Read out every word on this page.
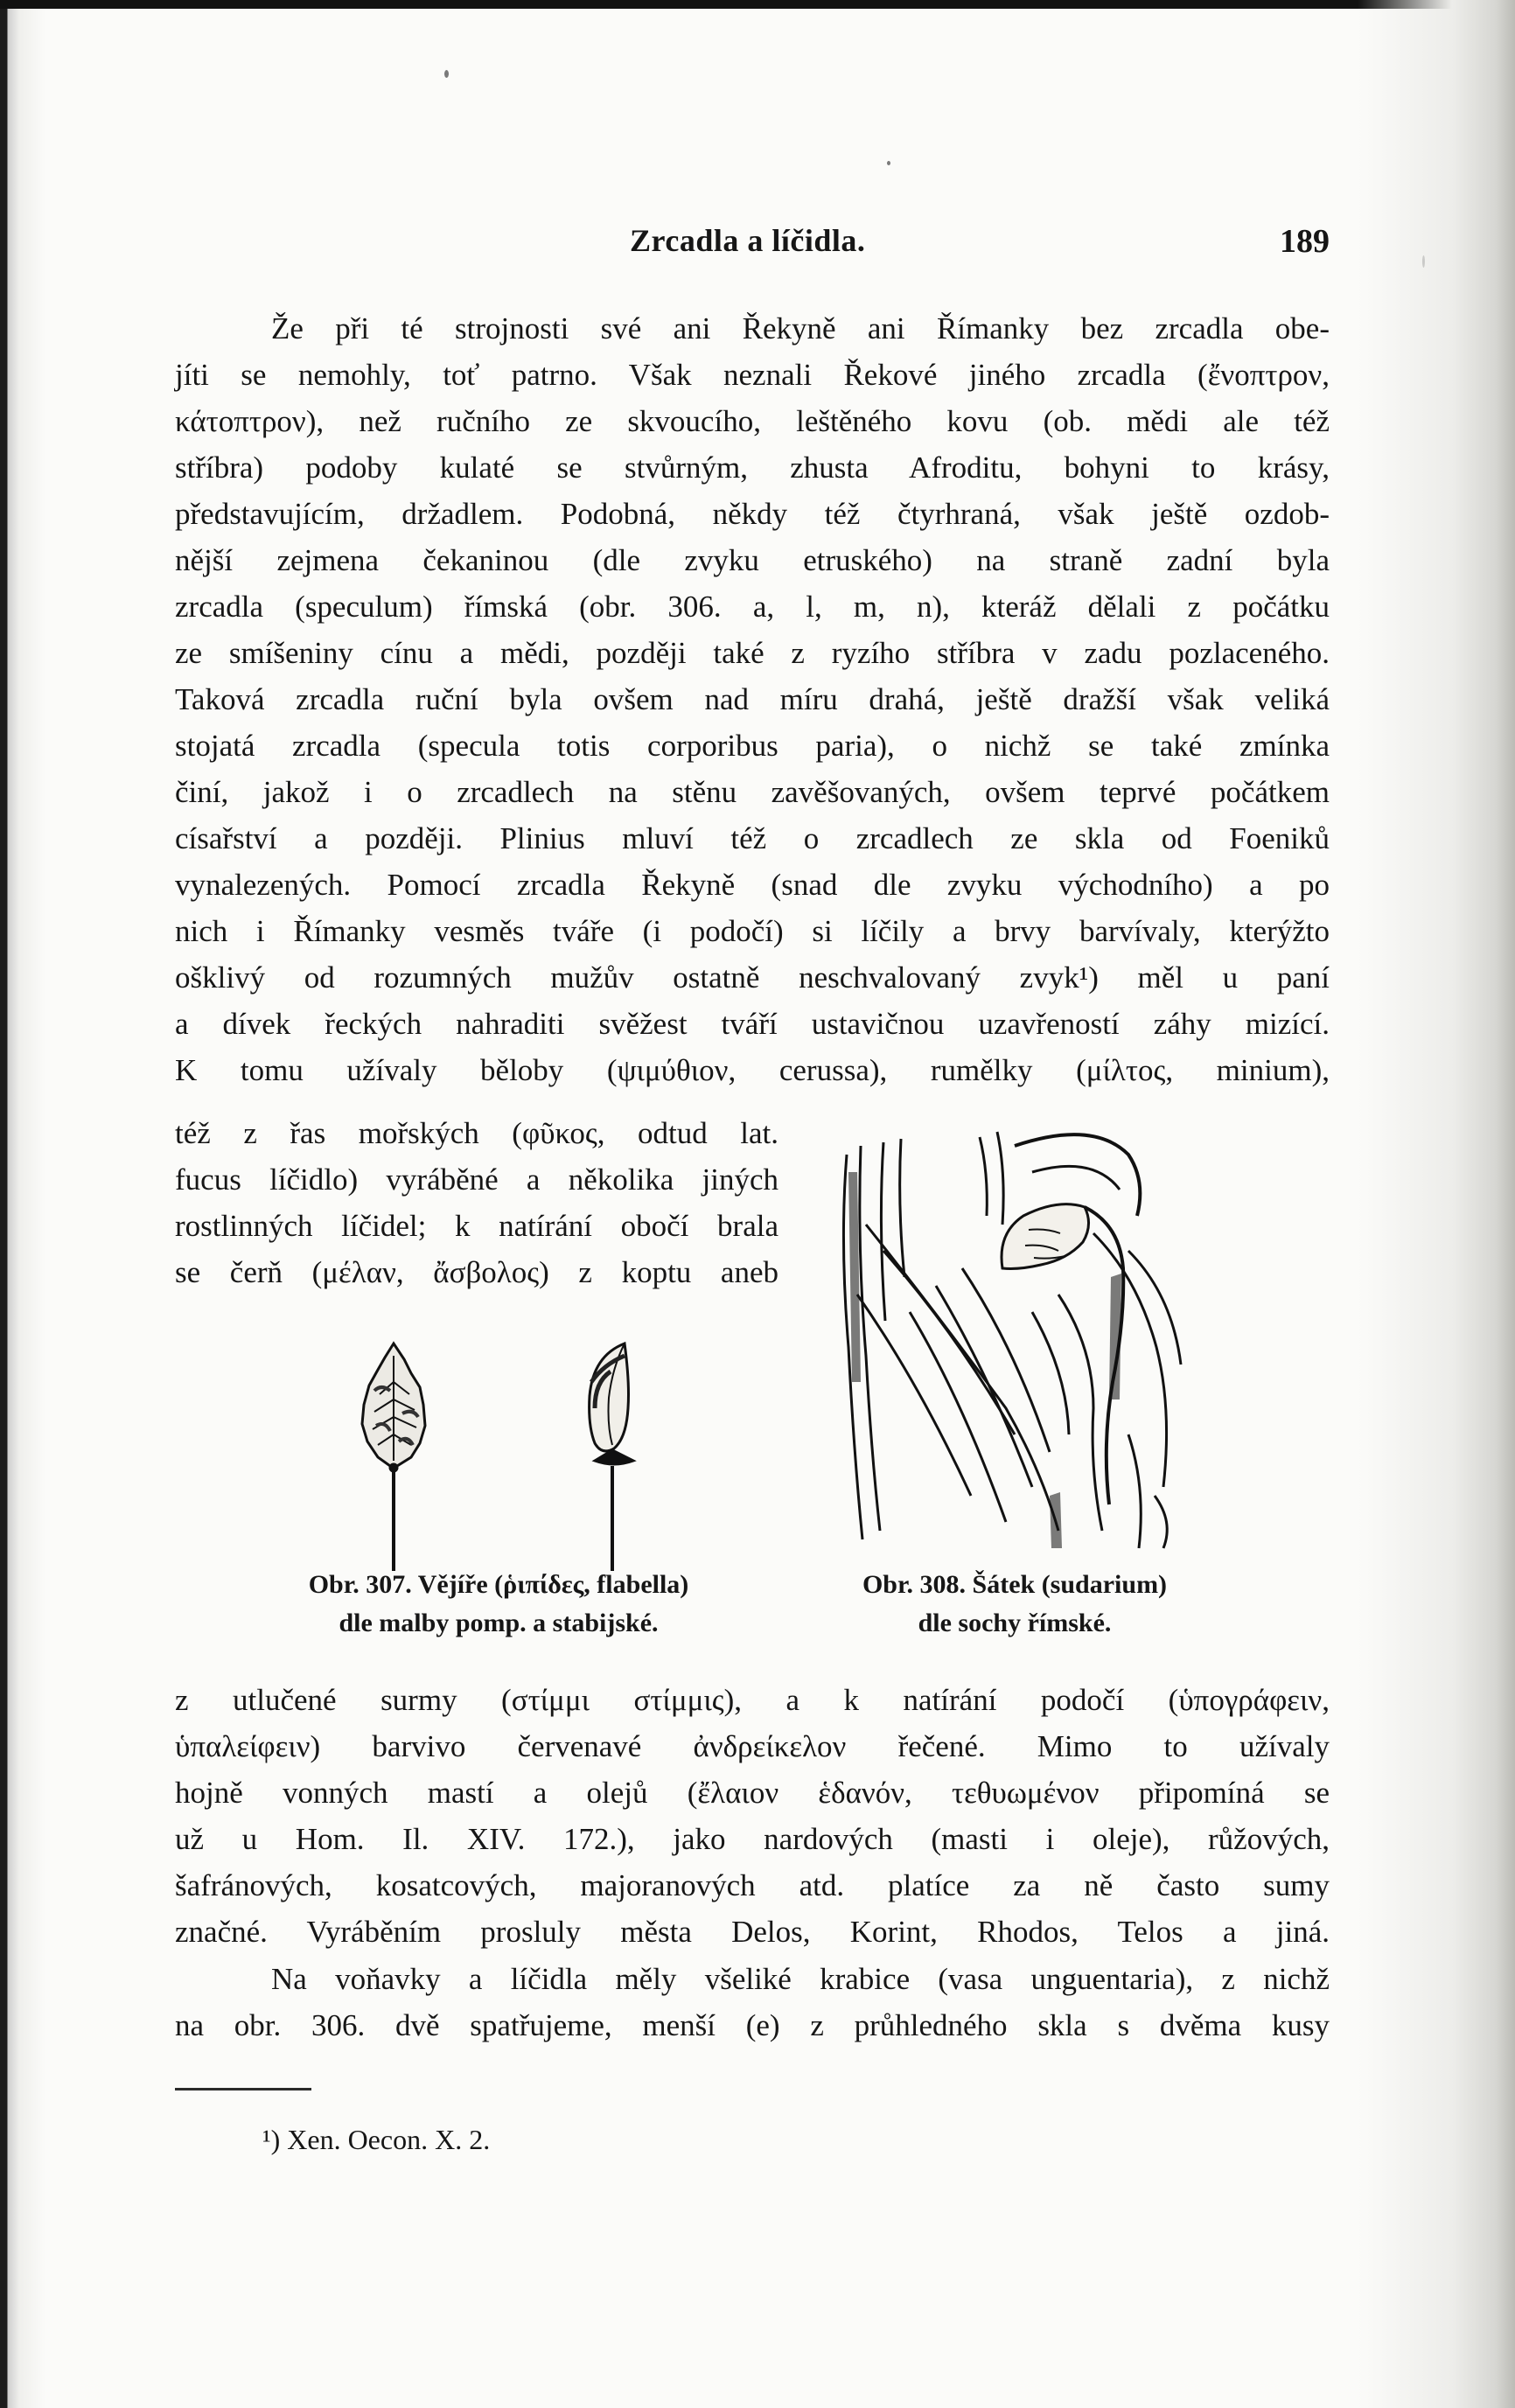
Zrcadla a líčidla.	189
Že při té strojnosti své ani Řekyně ani Římanky bez zrcadla obe-
jíti se nemohly, toť patrno. Však neznali Řekové jiného zrcadla (ἔνοπτρον,
κάτοπτρον), než ručního ze skvoucího, leštěného kovu (ob. mědi ale též
stříbra) podoby kulaté se stvůrným, zhusta Afroditu, bohyni to krásy,
představujícím, držadlem. Podobná, někdy též čtyrhraná, však ještě ozdob-
nější zejmena čekaninou (dle zvyku etruského) na straně zadní byla
zrcadla (speculum) římská (obr. 306. a, l, m, n), kteráž dělali z počátku
ze smíšeniny cínu a mědi, později také z ryzího stříbra v zadu pozlaceného.
Taková zrcadla ruční byla ovšem nad míru drahá, ještě dražší však veliká
stojatá zrcadla (specula totis corporibus paria), o nichž se také zmínka
činí, jakož i o zrcadlech na stěnu zavěšovaných, ovšem teprvé počátkem
císařství a později. Plinius mluví též o zrcadlech ze skla od Foeniků
vynalezených. Pomocí zrcadla Řekyně (snad dle zvyku východního) a po
nich i Římanky vesměs tváře (i podočí) si líčily a brvy barvívaly, kterýžto
ošklivý od rozumných mužův ostatně neschvalovaný zvyk¹) měl u paní
a dívek řeckých nahraditi svěžest tváří ustavičnou uzavřeností záhy mizící.
K tomu užívaly běloby (ψιμύθιον, cerussa), rumělky (μίλτος, minium),
též z řas mořských (φῦκος, odtud lat.
fucus líčidlo) vyráběné a několika jiných
rostlinných líčidel; k natírání obočí brala
se čerň (μέλαν, ἄσβολος) z koptu aneb
Obr. 307. Vějíře (ῥιπίδες, flabella)
dle malby pomp. a stabijské.
Obr. 308. Šátek (sudarium)
dle sochy římské.
z utlučené surmy (στίμμι στίμμις), a k natírání podočí (ὑπογράφειν,
ὑπαλείφειν) barvivo červenavé ἀνδρείκελον řečené. Mimo to užívaly
hojně vonných mastí a olejů (ἔλαιον ἑδανόν, τεθυωμένον připomíná se
už u Hom. Il. XIV. 172.), jako nardových (masti i oleje), růžových,
šafránových, kosatcových, majoranových atd. platíce za ně často sumy
značné. Vyráběním prosluly města Delos, Korint, Rhodos, Telos a jiná.
Na voňavky a líčidla měly všeliké krabice (vasa unguentaria), z nichž
na obr. 306. dvě spatřujeme, menší (e) z průhledného skla s dvěma kusy
¹) Xen. Oecon. X. 2.
